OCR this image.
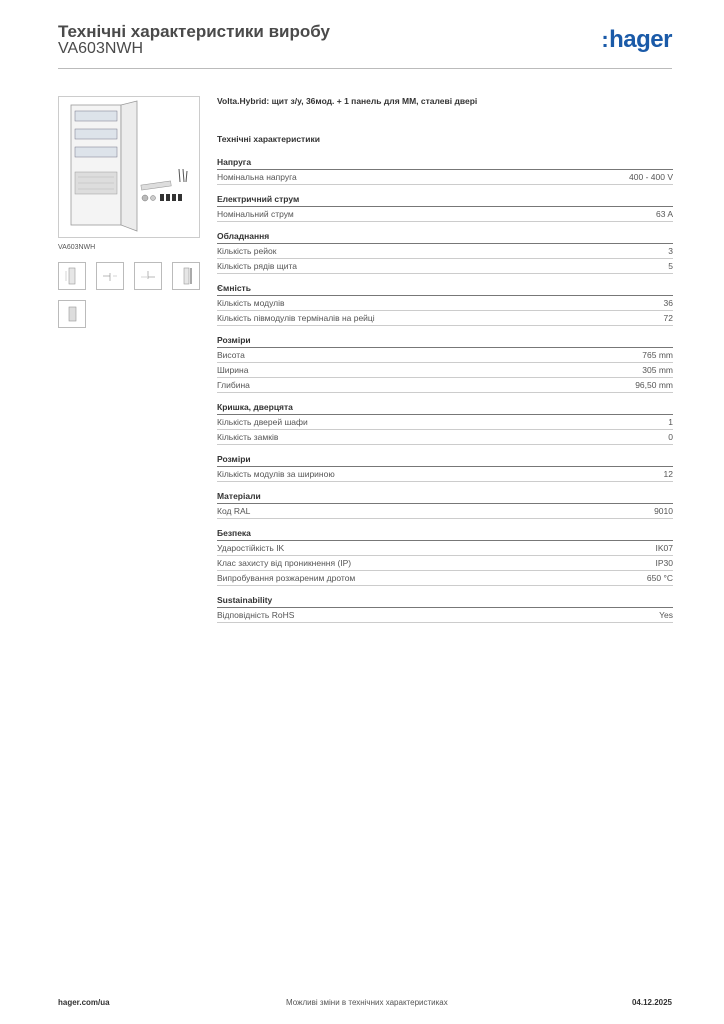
Технічні характеристики виробу
VA603NWH	:hager
VA603NWH
Volta.Hybrid: щит з/у, 36мод. + 1 панель для ММ, сталеві двері
Технічні характеристики
Напруга
Номінальна напруга	400 - 400 V
Електричний струм
Номінальний струм	63 A
Обладнання
Кількість рейок	3
Кількість рядів щита	5
Ємність
Кількість модулів	36
Кількість півмодулів терміналів на рейці	72
Розміри
Висота	765 mm
Ширина	305 mm
Глибина	96,50 mm
Кришка, дверцята
Кількість дверей шафи	1
Кількість замків	0
Розміри
Кількість модулів за шириною	12
Матеріали
Код RAL	9010
Безпека
Ударостійкість IK	IK07
Клас захисту від проникнення (IP)	IP30
Випробування розжареним дротом	650 °C
Sustainability
Відповідність RoHS	Yes
hager.com/ua	Можливі зміни в технічних характеристиках	04.12.2025
